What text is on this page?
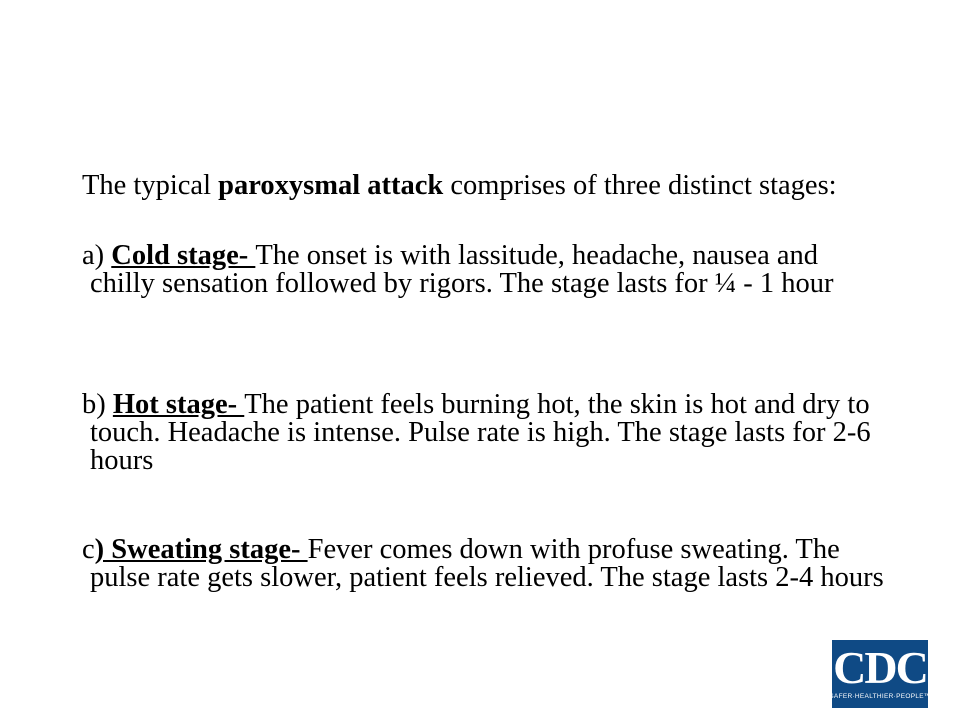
The typical paroxysmal attack comprises of three distinct stages:

a) Cold stage- The onset is with lassitude, headache, nausea and chilly sensation followed by rigors. The stage lasts for ¼ - 1 hour

b) Hot stage- The patient feels burning hot, the skin is hot and dry to touch. Headache is intense. Pulse rate is high. The stage lasts for 2-6 hours

c) Sweating stage- Fever comes down with profuse sweating. The pulse rate gets slower, patient feels relieved. The stage lasts 2-4 hours

CDC
SAFER·HEALTHIER·PEOPLE™
